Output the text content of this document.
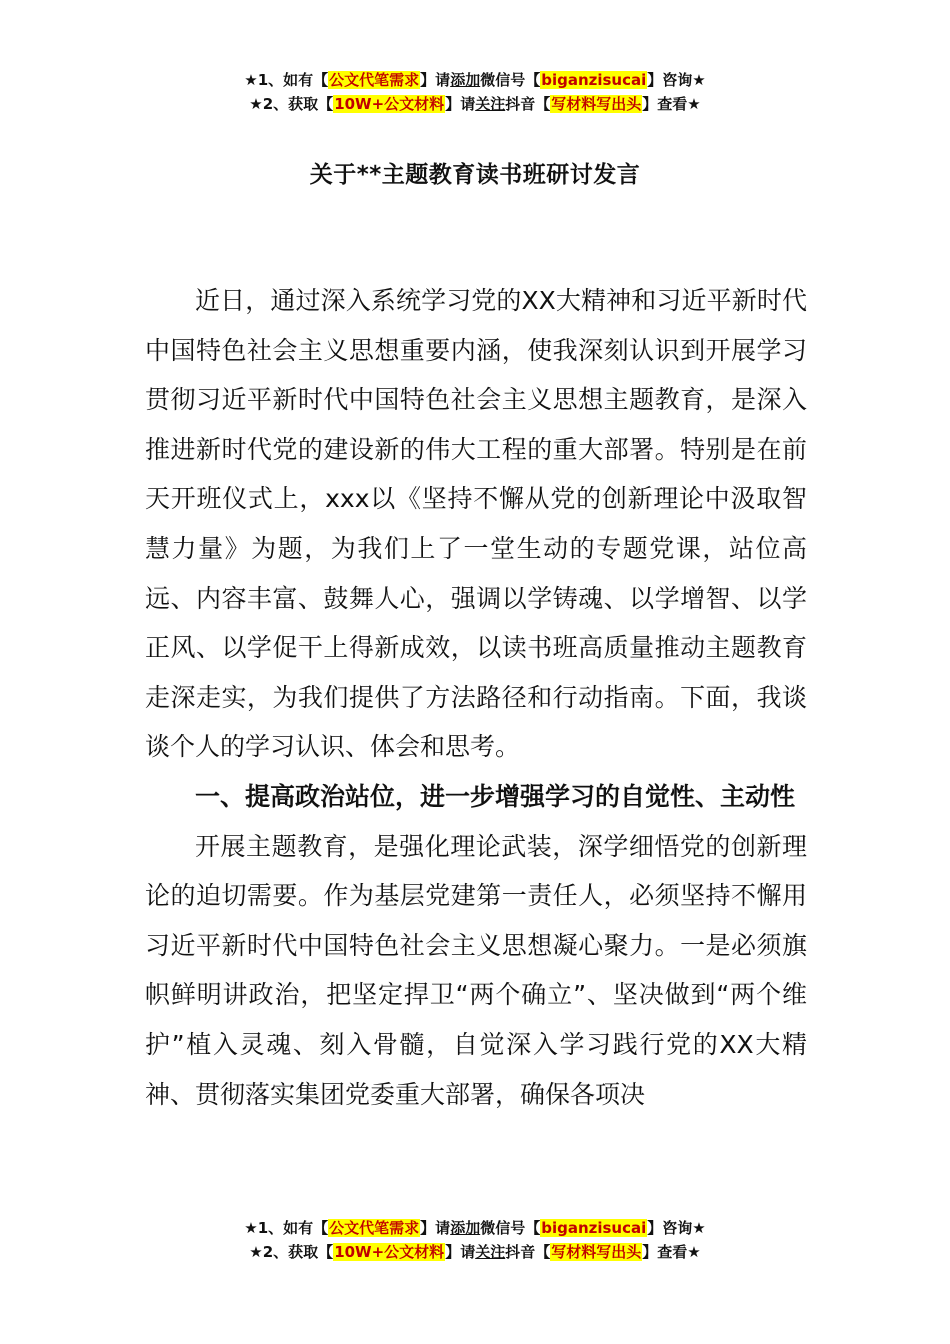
★1、如有【公文代笔需求】请添加微信号【biganzisucai】咨询★
★2、获取【10W+公文材料】请关注抖音【写材料写出头】查看★
关于**主题教育读书班研讨发言

近日，通过深入系统学习党的XX大精神和习近平新时代中国特色社会主义思想重要内涵，使我深刻认识到开展学习贯彻习近平新时代中国特色社会主义思想主题教育，是深入推进新时代党的建设新的伟大工程的重大部署。特别是在前天开班仪式上，xxx以《坚持不懈从党的创新理论中汲取智慧力量》为题，为我们上了一堂生动的专题党课，站位高远、内容丰富、鼓舞人心，强调以学铸魂、以学增智、以学正风、以学促干上得新成效，以读书班高质量推动主题教育走深走实，为我们提供了方法路径和行动指南。下面，我谈谈个人的学习认识、体会和思考。

一、提高政治站位，进一步增强学习的自觉性、主动性

开展主题教育，是强化理论武装，深学细悟党的创新理论的迫切需要。作为基层党建第一责任人，必须坚持不懈用习近平新时代中国特色社会主义思想凝心聚力。一是必须旗帜鲜明讲政治，把坚定捍卫“两个确立”、坚决做到“两个维护”植入灵魂、刻入骨髓，自觉深入学习践行党的XX大精神、贯彻落实集团党委重大部署，确保各项决

★1、如有【公文代笔需求】请添加微信号【biganzisucai】咨询★
★2、获取【10W+公文材料】请关注抖音【写材料写出头】查看★
